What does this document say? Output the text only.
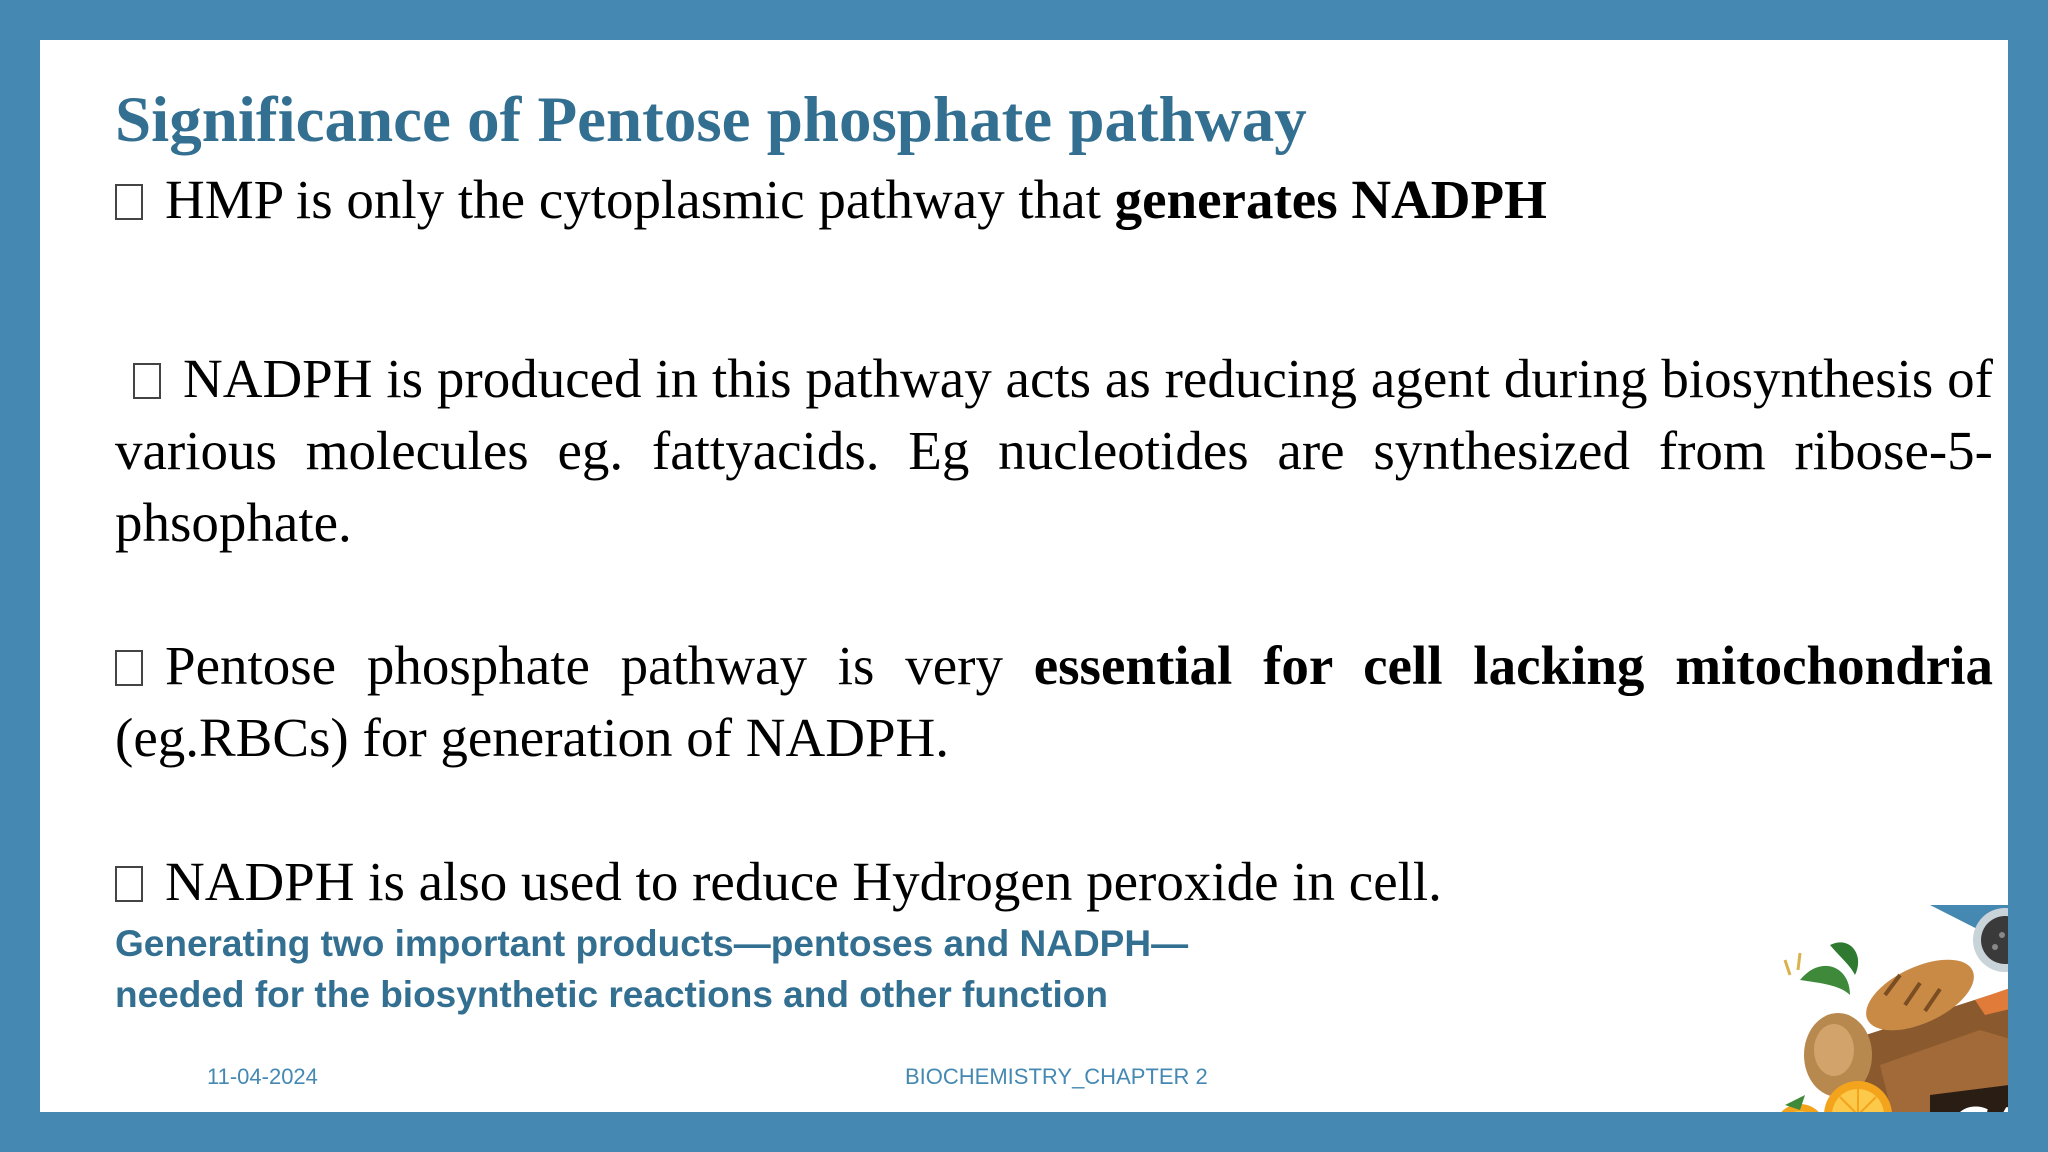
Significance of Pentose phosphate pathway

HMP is only the cytoplasmic pathway that generates NADPH

NADPH is produced in this pathway acts as reducing agent during biosynthesis of various molecules eg. fattyacids. Eg nucleotides are synthesized from ribose-5-phsophate.

Pentose phosphate pathway is very essential for cell lacking mitochondria (eg.RBCs) for generation of NADPH.

NADPH is also used to reduce Hydrogen peroxide in cell.

Generating two important products—pentoses and NADPH—
needed for the biosynthetic reactions and other function

11-04-2024	BIOCHEMISTRY_CHAPTER 2
CA
